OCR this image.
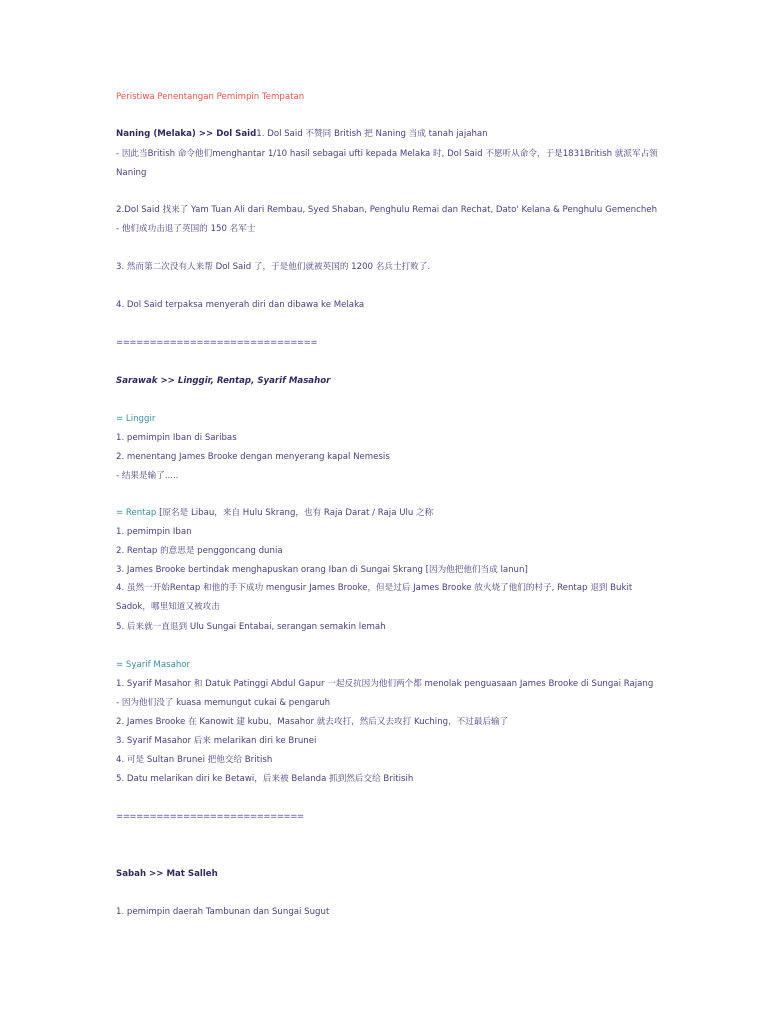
Peristiwa Penentangan Pemimpin Tempatan
Naning (Melaka) >> Dol Said1. Dol Said 不赞同 British 把 Naning 当成 tanah jajahan
- 因此当British 命令他们menghantar 1/10 hasil sebagai ufti kepada Melaka 时, Dol Said 不愿听从命令，于是1831British 就派军占领 Naning
2.Dol Said 找来了 Yam Tuan Ali dari Rembau, Syed Shaban, Penghulu Remai dan Rechat, Dato' Kelana & Penghulu Gemencheh
- 他们成功击退了英国的 150 名军士
3. 然而第二次没有人来帮 Dol Said 了，于是他们就被英国的 1200 名兵士打败了.
4. Dol Said terpaksa menyerah diri dan dibawa ke Melaka
==============================
Sarawak >> Linggir, Rentap, Syarif Masahor
= Linggir
1. pemimpin Iban di Saribas
2. menentang James Brooke dengan menyerang kapal Nemesis
- 结果是输了.....
= Rentap [原名是 Libau，来自 Hulu Skrang，也有 Raja Darat / Raja Ulu 之称
1. pemimpin Iban
2. Rentap 的意思是 penggoncang dunia
3. James Brooke bertindak menghapuskan orang Iban di Sungai Skrang [因为他把他们当成 lanun]
4. 虽然一开始Rentap 和他的手下成功 mengusir James Brooke，但是过后 James Brooke 放火烧了他们的村子, Rentap 退到 Bukit Sadok，哪里知道又被攻击
5. 后来就一直退到 Ulu Sungai Entabai, serangan semakin lemah
= Syarif Masahor
1. Syarif Masahor 和 Datuk Patinggi Abdul Gapur 一起反抗因为他们两个都 menolak penguasaan James Brooke di Sungai Rajang
- 因为他们没了 kuasa memungut cukai & pengaruh
2. James Brooke 在 Kanowit 建 kubu，Masahor 就去攻打，然后又去攻打 Kuching，不过最后输了
3. Syarif Masahor 后来 melarikan diri ke Brunei
4. 可是 Sultan Brunei 把他交给 British
5. Datu melarikan diri ke Betawi，后来被 Belanda 抓到然后交给 Britisih
============================
Sabah >> Mat Salleh
1. pemimpin daerah Tambunan dan Sungai Sugut
